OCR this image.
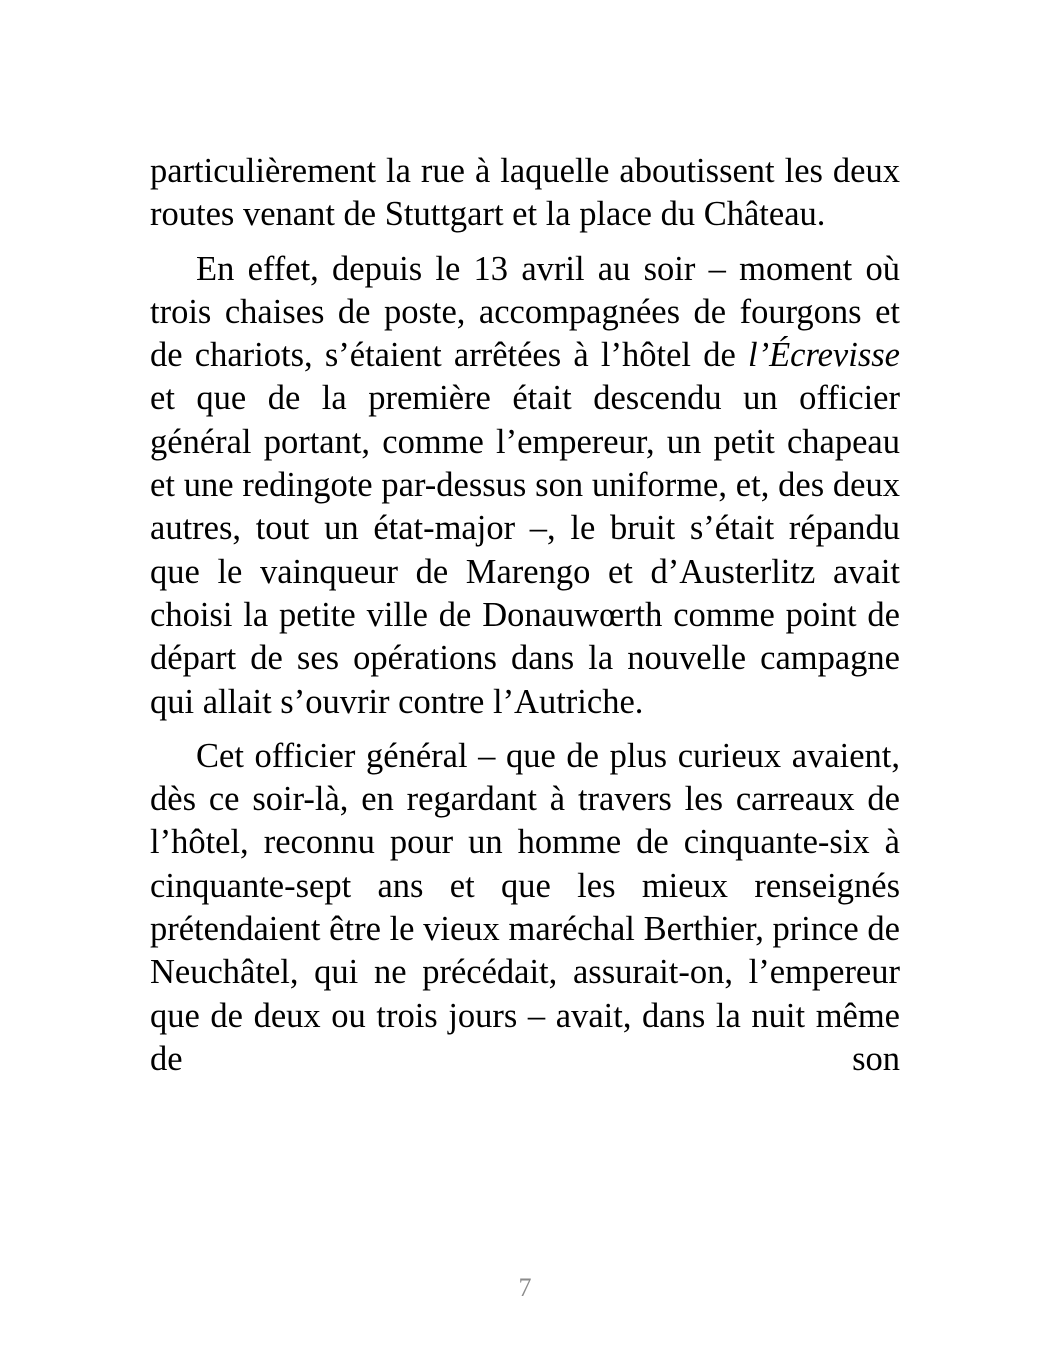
particulièrement la rue à laquelle aboutissent les deux routes venant de Stuttgart et la place du Château.

En effet, depuis le 13 avril au soir – moment où trois chaises de poste, accompagnées de fourgons et de chariots, s’étaient arrêtées à l’hôtel de l’Écrevisse et que de la première était descendu un officier général portant, comme l’empereur, un petit chapeau et une redingote par-dessus son uniforme, et, des deux autres, tout un état-major –, le bruit s’était répandu que le vainqueur de Marengo et d’Austerlitz avait choisi la petite ville de Donauwœrth comme point de départ de ses opérations dans la nouvelle campagne qui allait s’ouvrir contre l’Autriche.

Cet officier général – que de plus curieux avaient, dès ce soir-là, en regardant à travers les carreaux de l’hôtel, reconnu pour un homme de cinquante-six à cinquante-sept ans et que les mieux renseignés prétendaient être le vieux maréchal Berthier, prince de Neuchâtel, qui ne précédait, assurait-on, l’empereur que de deux ou trois jours – avait, dans la nuit même de son

7
